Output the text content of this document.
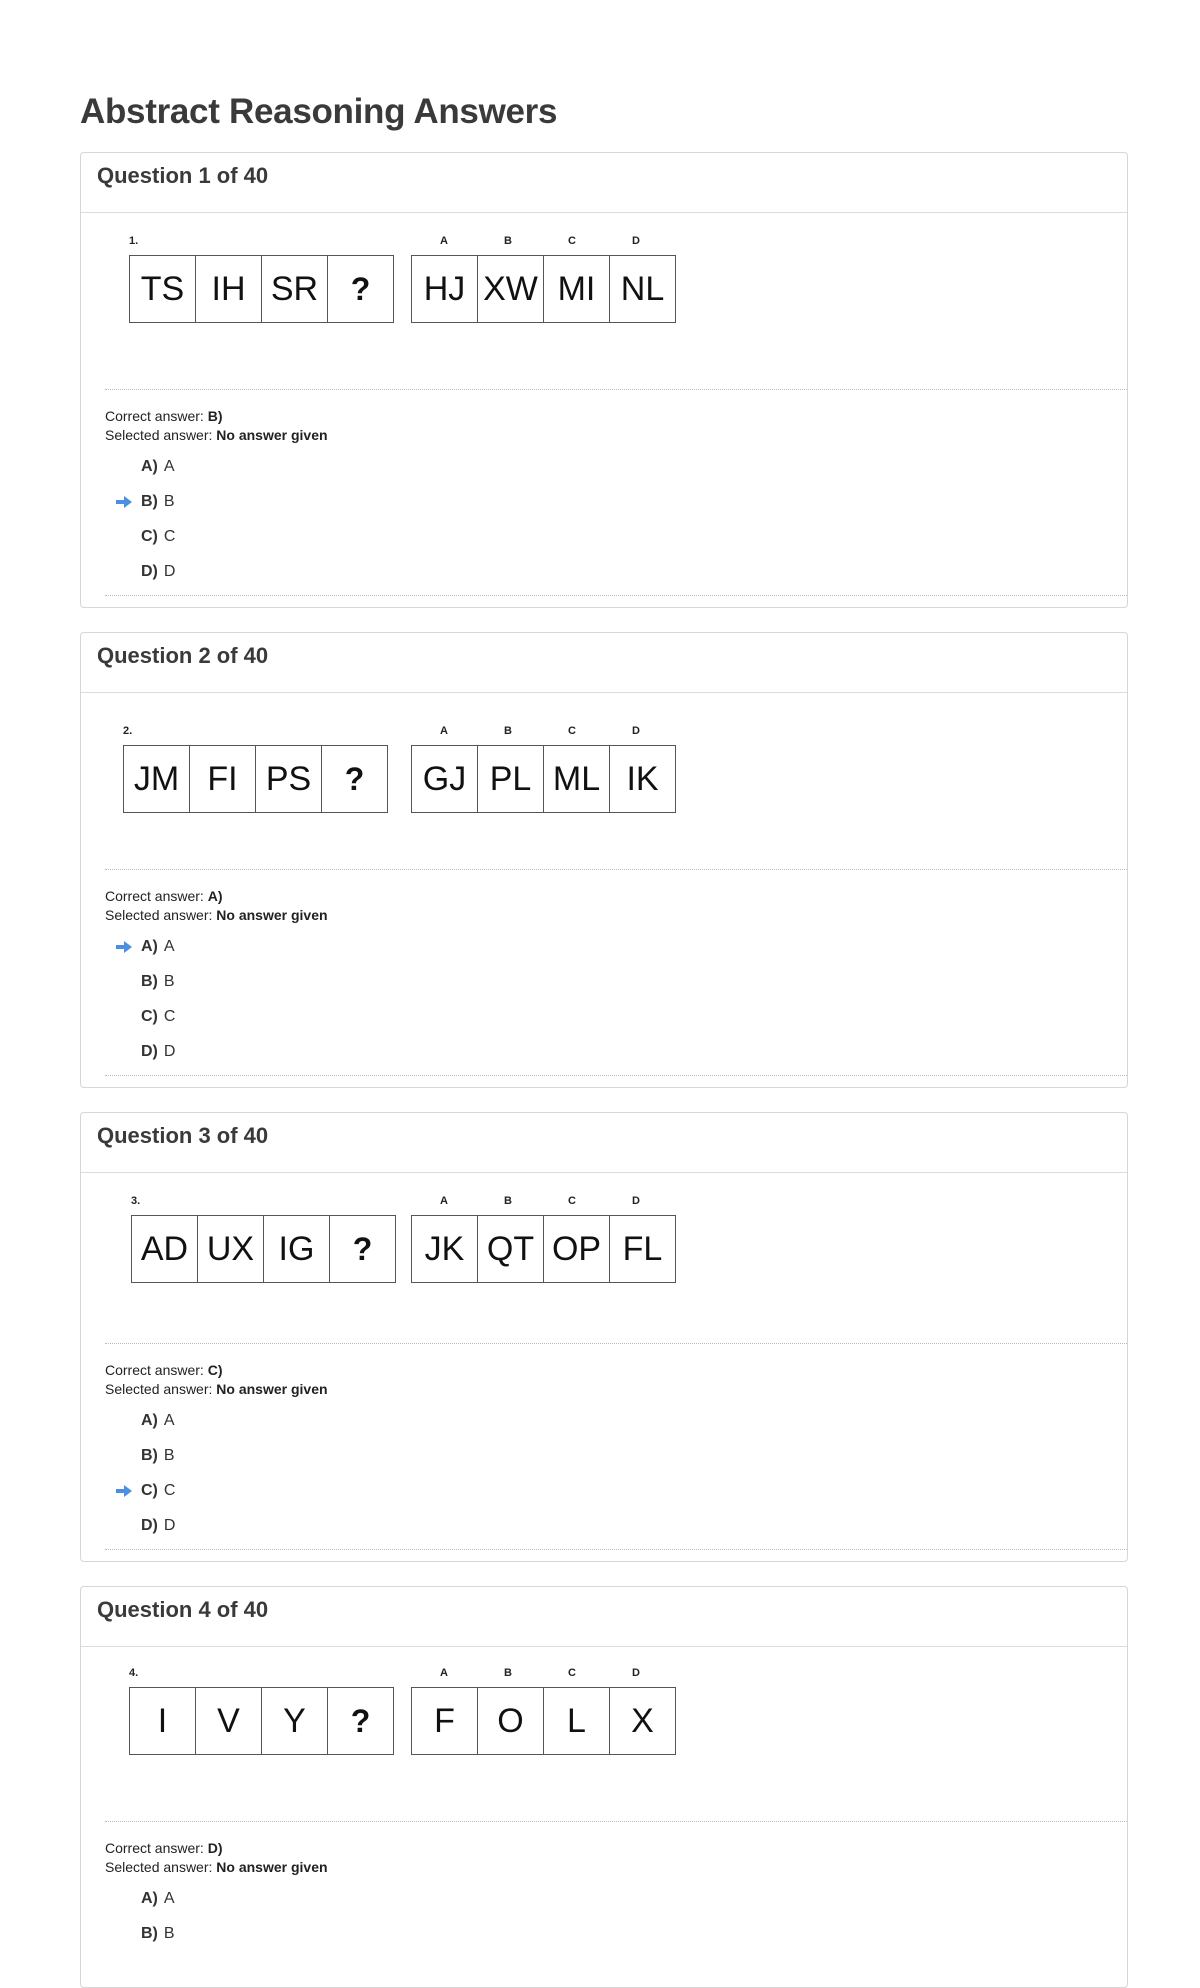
Abstract Reasoning Answers
Question 1 of 40
1.
TS IH SR	?
A	B	C	D
HJ XW MI NL
Correct answer: B)
Selected answer: No answer given
A) A
B) B
C) C
D) D
Question 2 of 40
2.
JM FI PS	?
A	B	C	D
GJ PL ML IK
Correct answer: A)
Selected answer: No answer given
A) A
B) B
C) C
D) D
Question 3 of 40
3.
AD UX IG	?
A	B	C	D
JK QT OP FL
Correct answer: C)
Selected answer: No answer given
A) A
B) B
C) C
D) D
Question 4 of 40
4.
I	V	Y	?
A	B	C	D
F	O	L	X
Correct answer: D)
Selected answer: No answer given
A) A
B) B
